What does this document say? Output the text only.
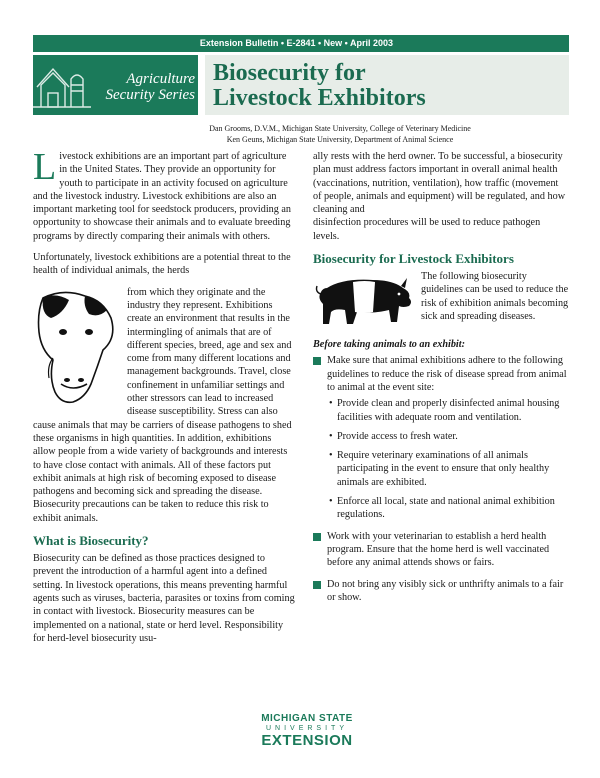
Extension Bulletin • E-2841 • New • April 2003
Agriculture
Security Series
Biosecurity for
Livestock Exhibitors
Dan Grooms, D.V.M., Michigan State University, College of Veterinary Medicine
Ken Geuns, Michigan State University, Department of Animal Science

Livestock exhibitions are an important part of agriculture in the United States. They provide an opportunity for youth to participate in an activity focused on agriculture and the livestock industry. Livestock exhibitions are also an important marketing tool for seedstock producers, providing an opportunity to showcase their animals and to evaluate breeding programs by directly comparing their animals with others.

Unfortunately, livestock exhibitions are a potential threat to the health of individual animals, the herds

from which they originate and the industry they represent. Exhibitions create an environment that results in the intermingling of animals that are of different species, breed, age and sex and come from many different locations and management backgrounds. Travel, close confinement in unfamiliar settings and other stressors can lead to increased disease susceptibility. Stress can also cause animals that may be carriers of disease pathogens to shed these organisms in high quantities. In addition, exhibitions allow people from a wide variety of backgrounds and interests to have close contact with animals. All of these factors put exhibit animals at high risk of becoming exposed to disease pathogens and becoming sick and spreading the disease. Biosecurity precautions can be taken to reduce this risk to exhibit animals.

What is Biosecurity?

Biosecurity can be defined as those practices designed to prevent the introduction of a harmful agent into a defined setting. In livestock operations, this means preventing harmful agents such as viruses, bacteria, parasites or toxins from coming in contact with livestock. Biosecurity measures can be implemented on a national, state or herd level. Responsibility for herd-level biosecurity usu-

ally rests with the herd owner. To be successful, a biosecurity plan must address factors important in overall animal health (vaccinations, nutrition, ventilation), how traffic (movement of people, animals and equipment) will be regulated, and how cleaning and

disinfection procedures will be used to reduce pathogen levels.

Biosecurity for Livestock Exhibitors

The following biosecurity guidelines can be used to reduce the risk of exhibition animals becoming sick and spreading diseases.

Before taking animals to an exhibit:
Make sure that animal exhibitions adhere to the following guidelines to reduce the risk of disease spread from animal to animal at the event site:
• Provide clean and properly disinfected animal housing facilities with adequate room and ventilation.
• Provide access to fresh water.
• Require veterinary examinations of all animals participating in the event to ensure that only healthy animals are exhibited.
• Enforce all local, state and national animal exhibition regulations.
Work with your veterinarian to establish a herd health program. Ensure that the home herd is well vaccinated before any animal attends shows or fairs.
Do not bring any visibly sick or unthrifty animals to a fair or show.
MICHIGAN STATE
UNIVERSITY
EXTENSION
